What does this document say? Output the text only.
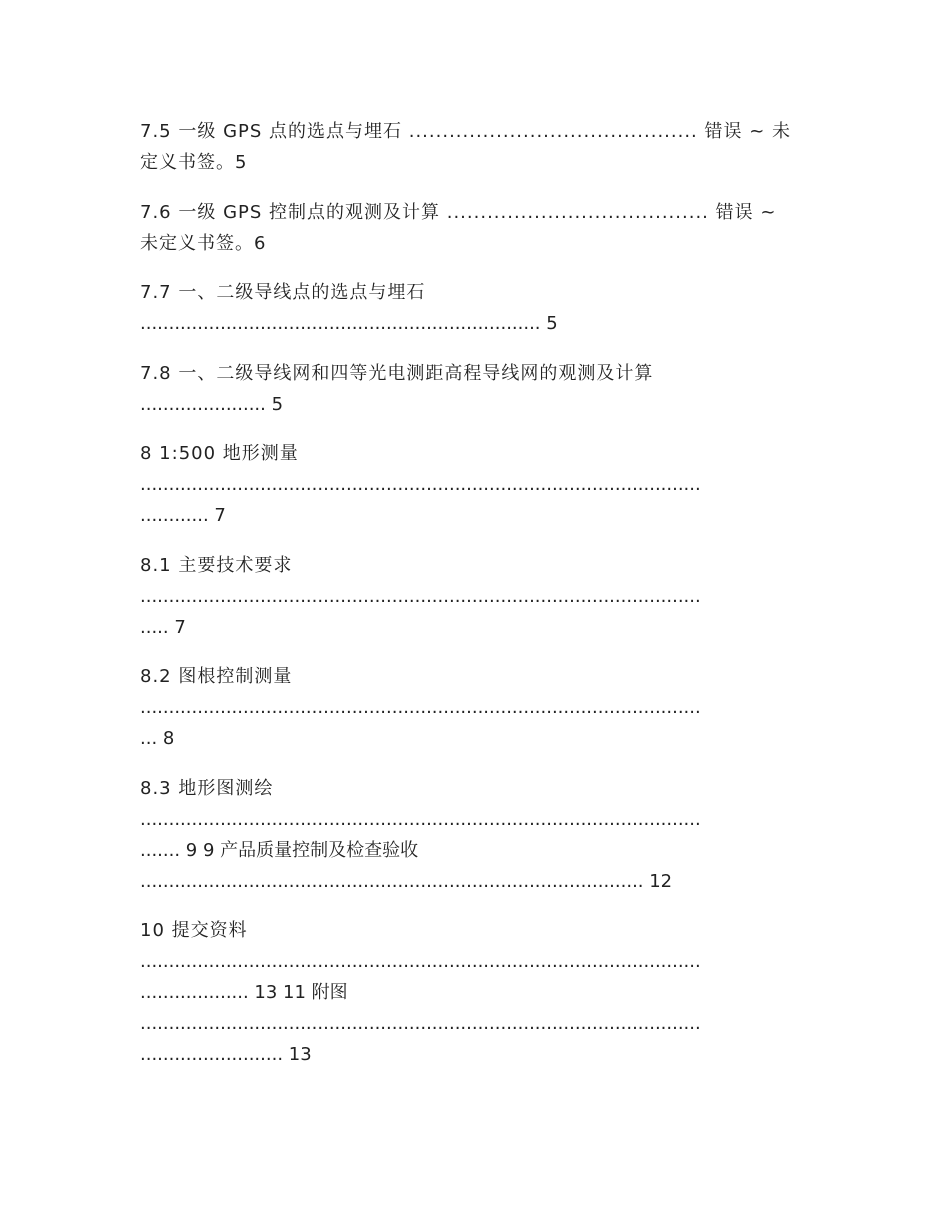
7.5 一级 GPS 点的选点与埋石 ........................................... 错误 ~ 未
定义书签。5
7.6 一级 GPS 控制点的观测及计算 ....................................... 错误 ~
未定义书签。6
7.7 一、二级导线点的选点与埋石
...................................................................... 5
7.8 一、二级导线网和四等光电测距高程导线网的观测及计算
...................... 5
8 1:500 地形测量
..................................................................................................
............ 7
8.1 主要技术要求
..................................................................................................
..... 7
8.2 图根控制测量
..................................................................................................
... 8
8.3 地形图测绘
..................................................................................................
....... 9 9 产品质量控制及检查验收
........................................................................................ 12
10 提交资料
..................................................................................................
................... 13 11 附图
..................................................................................................
......................... 13
